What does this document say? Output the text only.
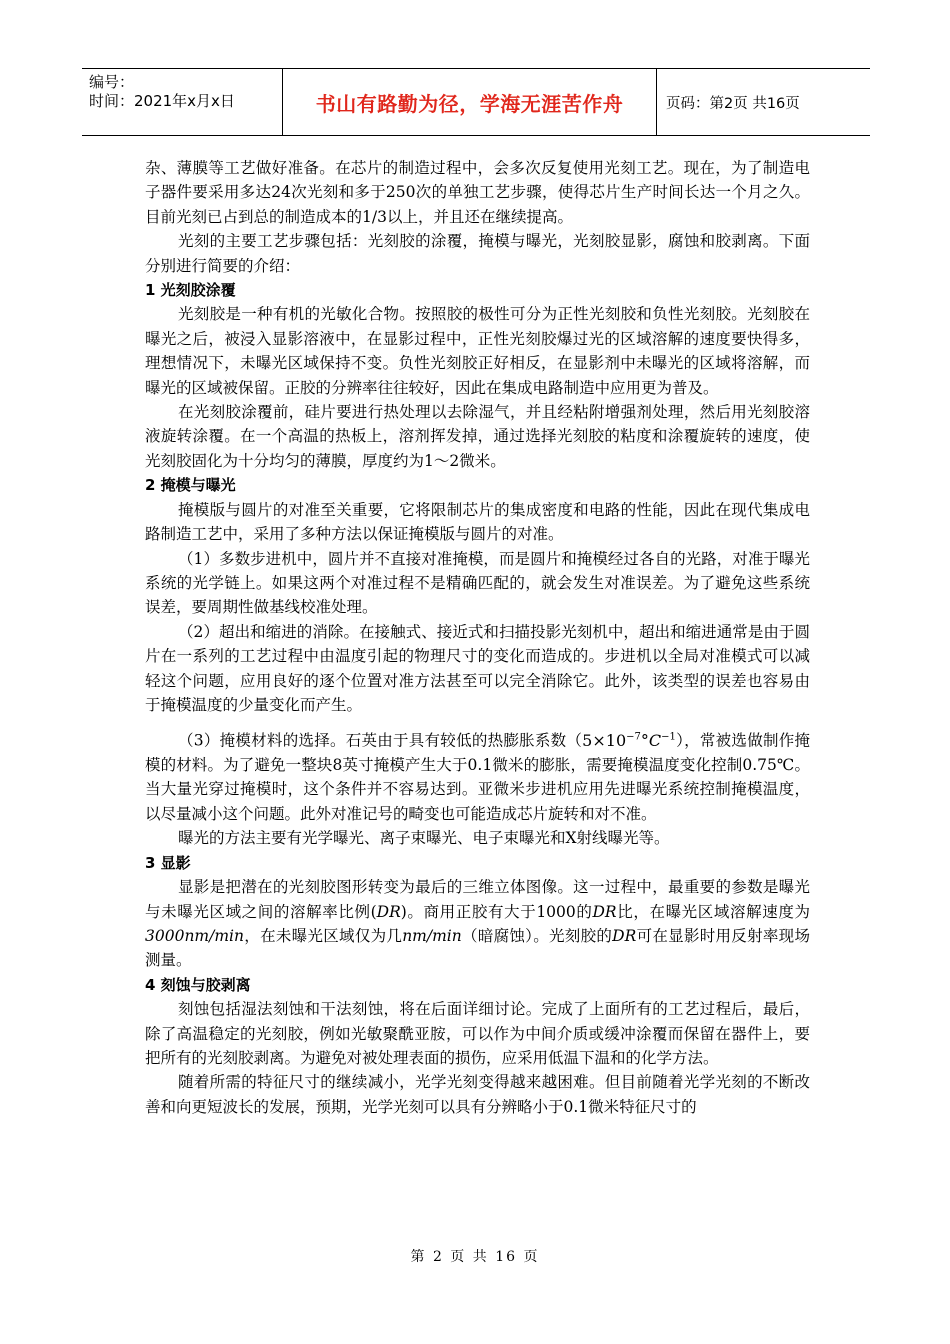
编号：
时间：2021年x月x日	书山有路勤为径，学海无涯苦作舟	页码：第2页 共16页

杂、薄膜等工艺做好准备。在芯片的制造过程中，会多次反复使用光刻工艺。现在，为了制造电子器件要采用多达24次光刻和多于250次的单独工艺步骤，使得芯片生产时间长达一个月之久。目前光刻已占到总的制造成本的1/3以上，并且还在继续提高。

光刻的主要工艺步骤包括：光刻胶的涂覆，掩模与曝光，光刻胶显影，腐蚀和胶剥离。下面分别进行简要的介绍：

1 光刻胶涂覆

光刻胶是一种有机的光敏化合物。按照胶的极性可分为正性光刻胶和负性光刻胶。光刻胶在曝光之后，被浸入显影溶液中，在显影过程中，正性光刻胶爆过光的区域溶解的速度要快得多，理想情况下，未曝光区域保持不变。负性光刻胶正好相反，在显影剂中未曝光的区域将溶解，而曝光的区域被保留。正胶的分辨率往往较好，因此在集成电路制造中应用更为普及。

在光刻胶涂覆前，硅片要进行热处理以去除湿气，并且经粘附增强剂处理，然后用光刻胶溶液旋转涂覆。在一个高温的热板上，溶剂挥发掉，通过选择光刻胶的粘度和涂覆旋转的速度，使光刻胶固化为十分均匀的薄膜，厚度约为1～2微米。

2 掩模与曝光

掩模版与圆片的对准至关重要，它将限制芯片的集成密度和电路的性能，因此在现代集成电路制造工艺中，采用了多种方法以保证掩模版与圆片的对准。

（1）多数步进机中，圆片并不直接对准掩模，而是圆片和掩模经过各自的光路，对准于曝光系统的光学链上。如果这两个对准过程不是精确匹配的，就会发生对准误差。为了避免这些系统误差，要周期性做基线校准处理。

（2）超出和缩进的消除。在接触式、接近式和扫描投影光刻机中，超出和缩进通常是由于圆片在一系列的工艺过程中由温度引起的物理尺寸的变化而造成的。步进机以全局对准模式可以减轻这个问题，应用良好的逐个位置对准方法甚至可以完全消除它。此外，该类型的误差也容易由于掩模温度的少量变化而产生。

（3）掩模材料的选择。石英由于具有较低的热膨胀系数$(5\times 10^{-7}^\circ C^{-1})$，常被选做制作掩模的材料。为了避免一整块8英寸掩模产生大于0.1微米的膨胀，需要掩模温度变化控制0.75℃。当大量光穿过掩模时，这个条件并不容易达到。亚微米步进机应用先进曝光系统控制掩模温度，以尽量减小这个问题。此外对准记号的畸变也可能造成芯片旋转和对不准。

曝光的方法主要有光学曝光、离子束曝光、电子束曝光和X射线曝光等。

3 显影

显影是把潜在的光刻胶图形转变为最后的三维立体图像。这一过程中，最重要的参数是曝光与未曝光区域之间的溶解率比例(DR)。商用正胶有大于1000的DR比，在曝光区域溶解速度为3000nm/min，在未曝光区域仅为几nm/min（暗腐蚀）。光刻胶的DR可在显影时用反射率现场测量。

4 刻蚀与胶剥离

刻蚀包括湿法刻蚀和干法刻蚀，将在后面详细讨论。完成了上面所有的工艺过程后，最后，除了高温稳定的光刻胶，例如光敏聚酰亚胺，可以作为中间介质或缓冲涂覆而保留在器件上，要把所有的光刻胶剥离。为避免对被处理表面的损伤，应采用低温下温和的化学方法。

随着所需的特征尺寸的继续减小，光学光刻变得越来越困难。但目前随着光学光刻的不断改善和向更短波长的发展，预期，光学光刻可以具有分辨略小于0.1微米特征尺寸的

第 2 页 共 16 页
